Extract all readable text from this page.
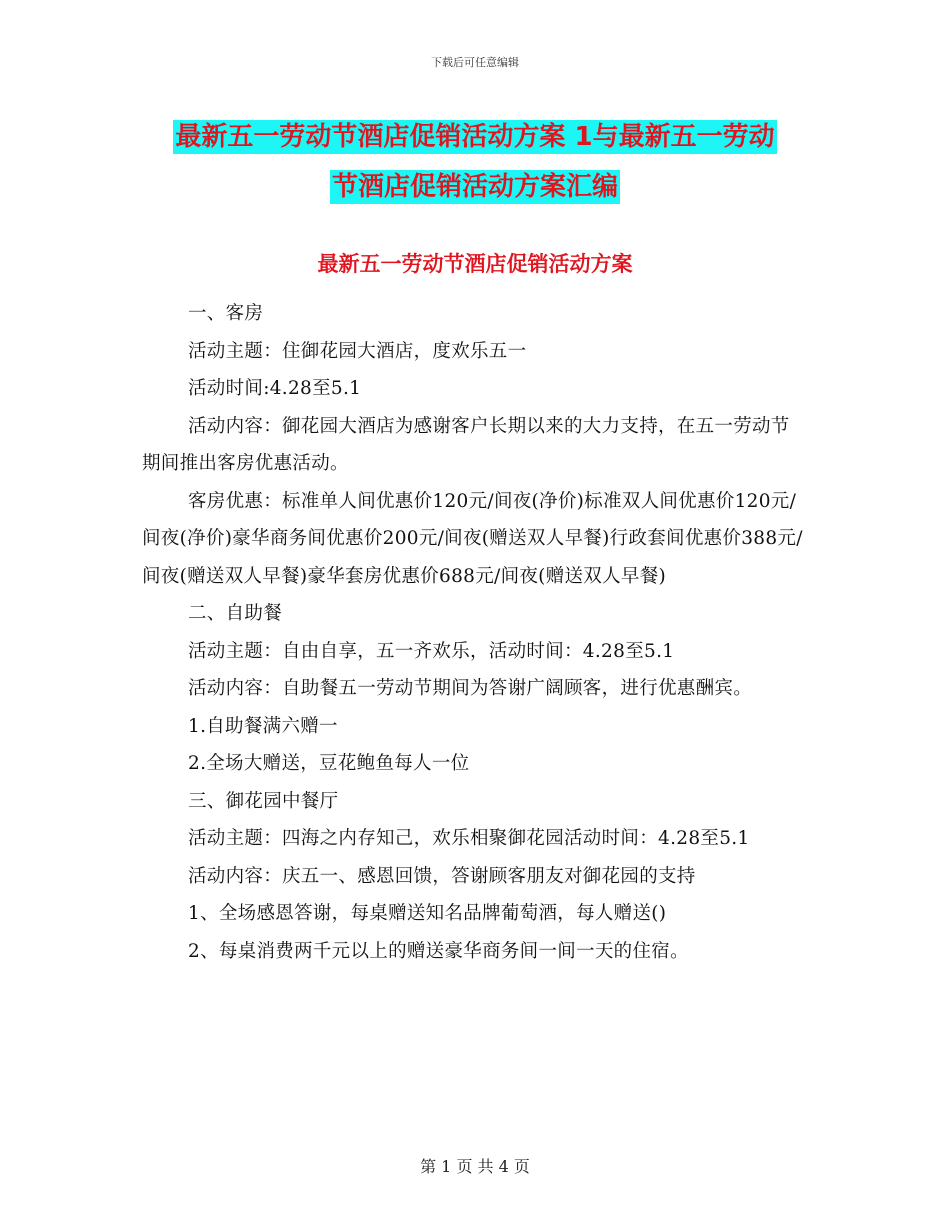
下载后可任意编辑
最新五一劳动节酒店促销活动方案 1与最新五一劳动
节酒店促销活动方案汇编
最新五一劳动节酒店促销活动方案

一、客房

活动主题：住御花园大酒店，度欢乐五一

活动时间:4.28至5.1

活动内容：御花园大酒店为感谢客户长期以来的大力支持，在五一劳动节期间推出客房优惠活动。

客房优惠：标准单人间优惠价120元/间夜(净价)标准双人间优惠价120元/间夜(净价)豪华商务间优惠价200元/间夜(赠送双人早餐)行政套间优惠价388元/间夜(赠送双人早餐)豪华套房优惠价688元/间夜(赠送双人早餐)

二、自助餐

活动主题：自由自享，五一齐欢乐，活动时间：4.28至5.1

活动内容：自助餐五一劳动节期间为答谢广阔顾客，进行优惠酬宾。

1.自助餐满六赠一

2.全场大赠送，豆花鲍鱼每人一位

三、御花园中餐厅

活动主题：四海之内存知己，欢乐相聚御花园活动时间：4.28至5.1

活动内容：庆五一、感恩回馈，答谢顾客朋友对御花园的支持

1、全场感恩答谢，每桌赠送知名品牌葡萄酒，每人赠送()

2、每桌消费两千元以上的赠送豪华商务间一间一天的住宿。

第 1 页 共 4 页
